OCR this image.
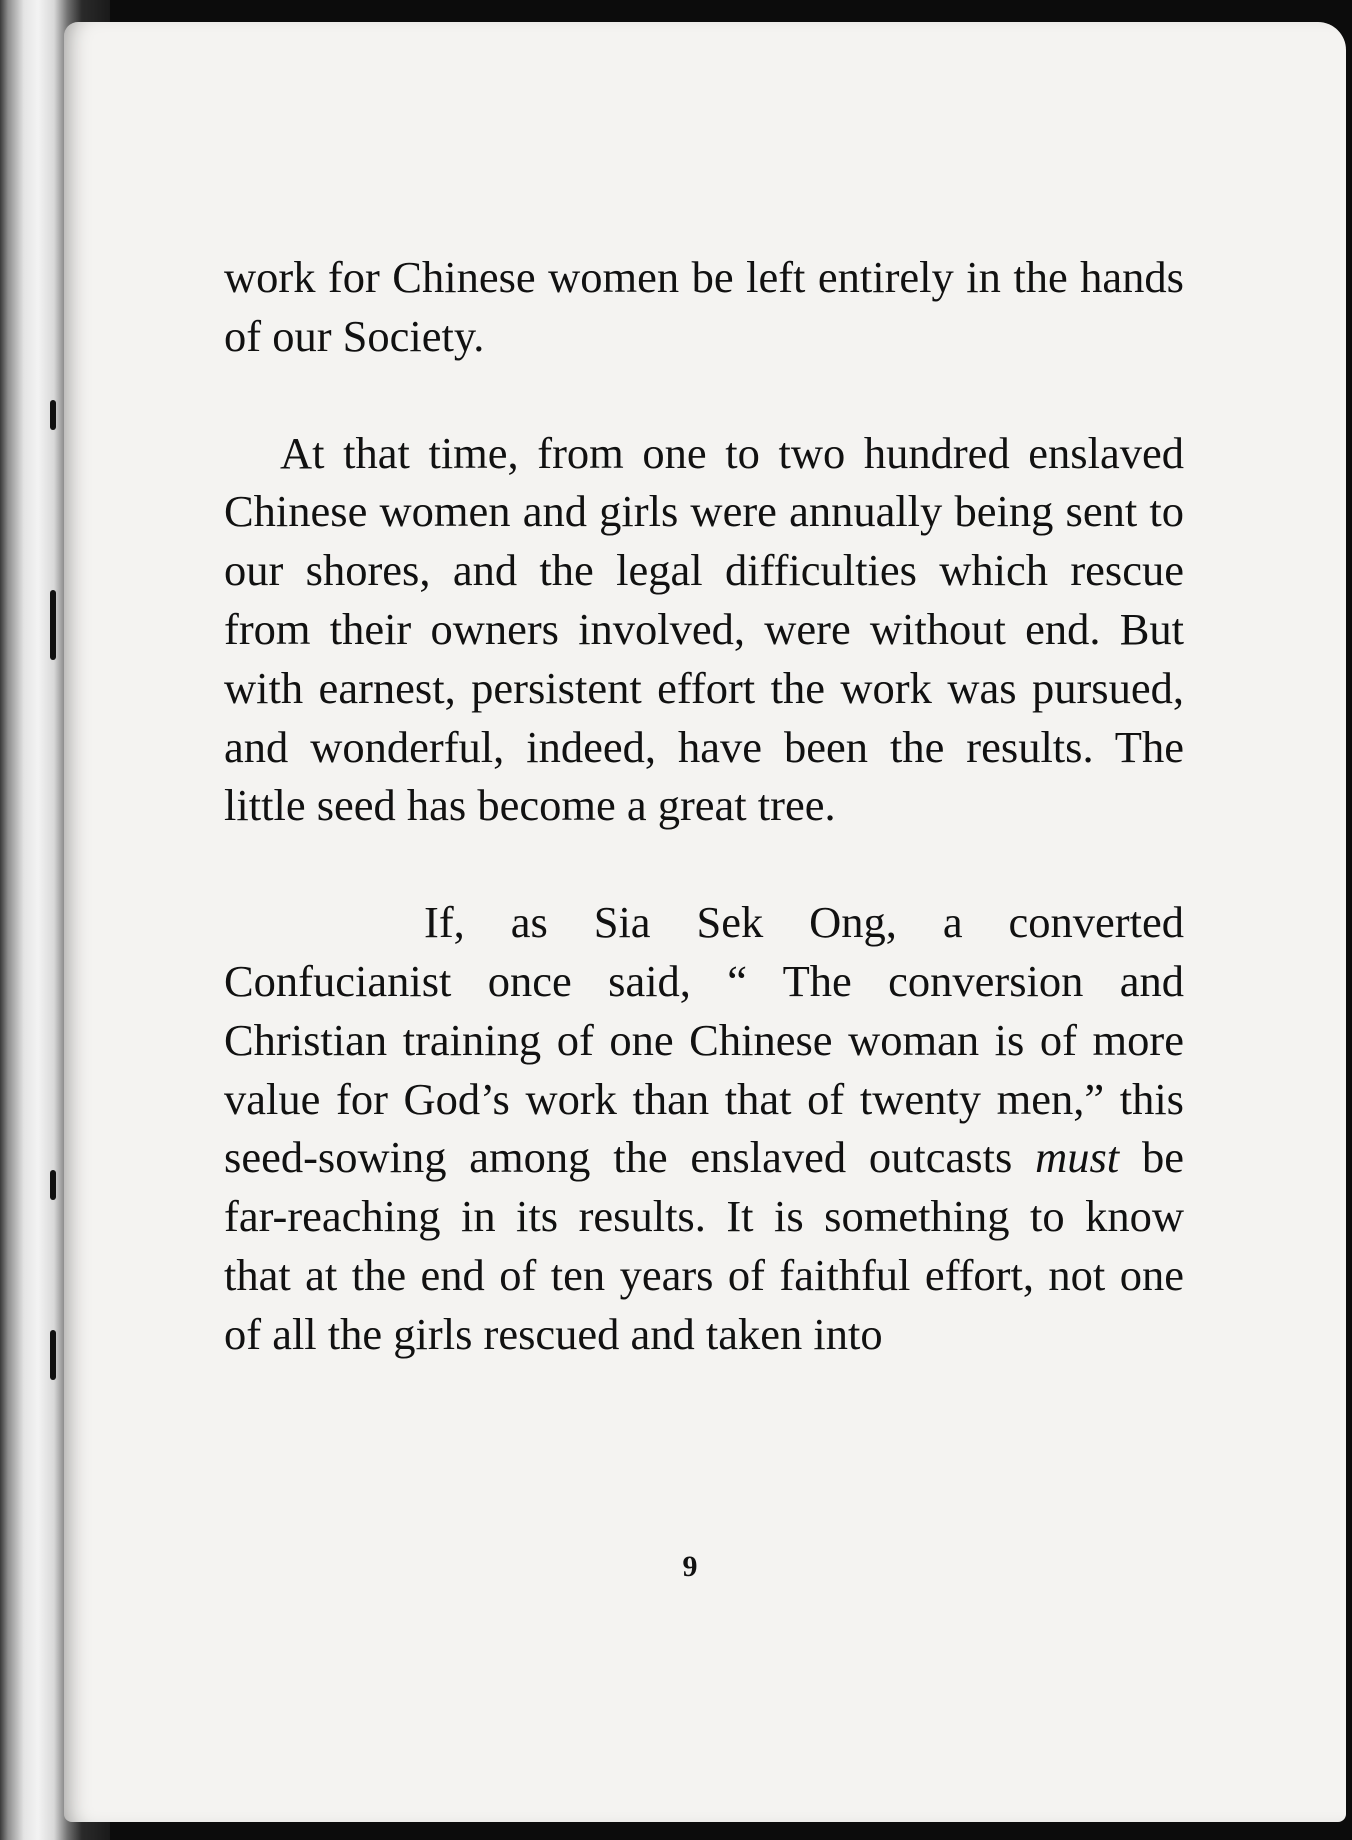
work for Chinese women be left entirely in the hands of our Society.

At that time, from one to two hundred enslaved Chinese women and girls were annually being sent to our shores, and the legal difficulties which rescue from their owners involved, were without end. But with earnest, persistent effort the work was pursued, and wonderful, indeed, have been the results. The little seed has become a great tree.

If, as Sia Sek Ong, a converted Confucianist once said, “ The conversion and Christian training of one Chinese woman is of more value for God’s work than that of twenty men,” this seed-sowing among the enslaved outcasts must be far-reaching in its results. It is something to know that at the end of ten years of faithful effort, not one of all the girls rescued and taken into

9
